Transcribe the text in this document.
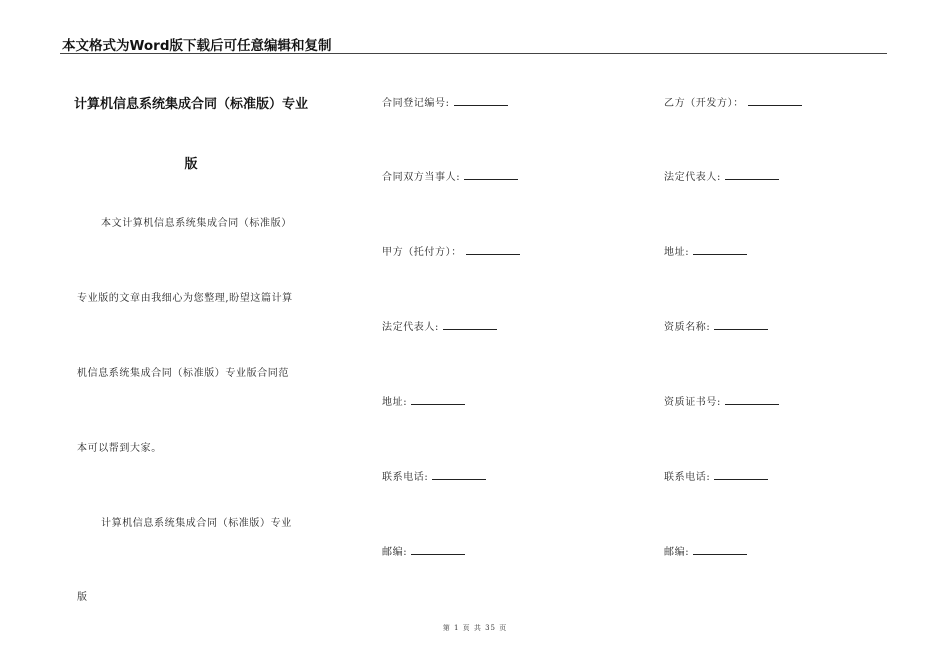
本文格式为Word版下载后可任意编辑和复制
计算机信息系统集成合同（标准版）专业
版
本文计算机信息系统集成合同（标准版）
专业版的文章由我细心为您整理,盼望这篇计算
机信息系统集成合同（标准版）专业版合同范
本可以帮到大家。
计算机信息系统集成合同（标准版）专业
版
合同登记编号:
合同双方当事人:
甲方（托付方）：
法定代表人:
地址:
联系电话:
邮编:
乙方（开发方）：
法定代表人:
地址:
资质名称:
资质证书号:
联系电话:
邮编:
第 1 页 共 35 页
